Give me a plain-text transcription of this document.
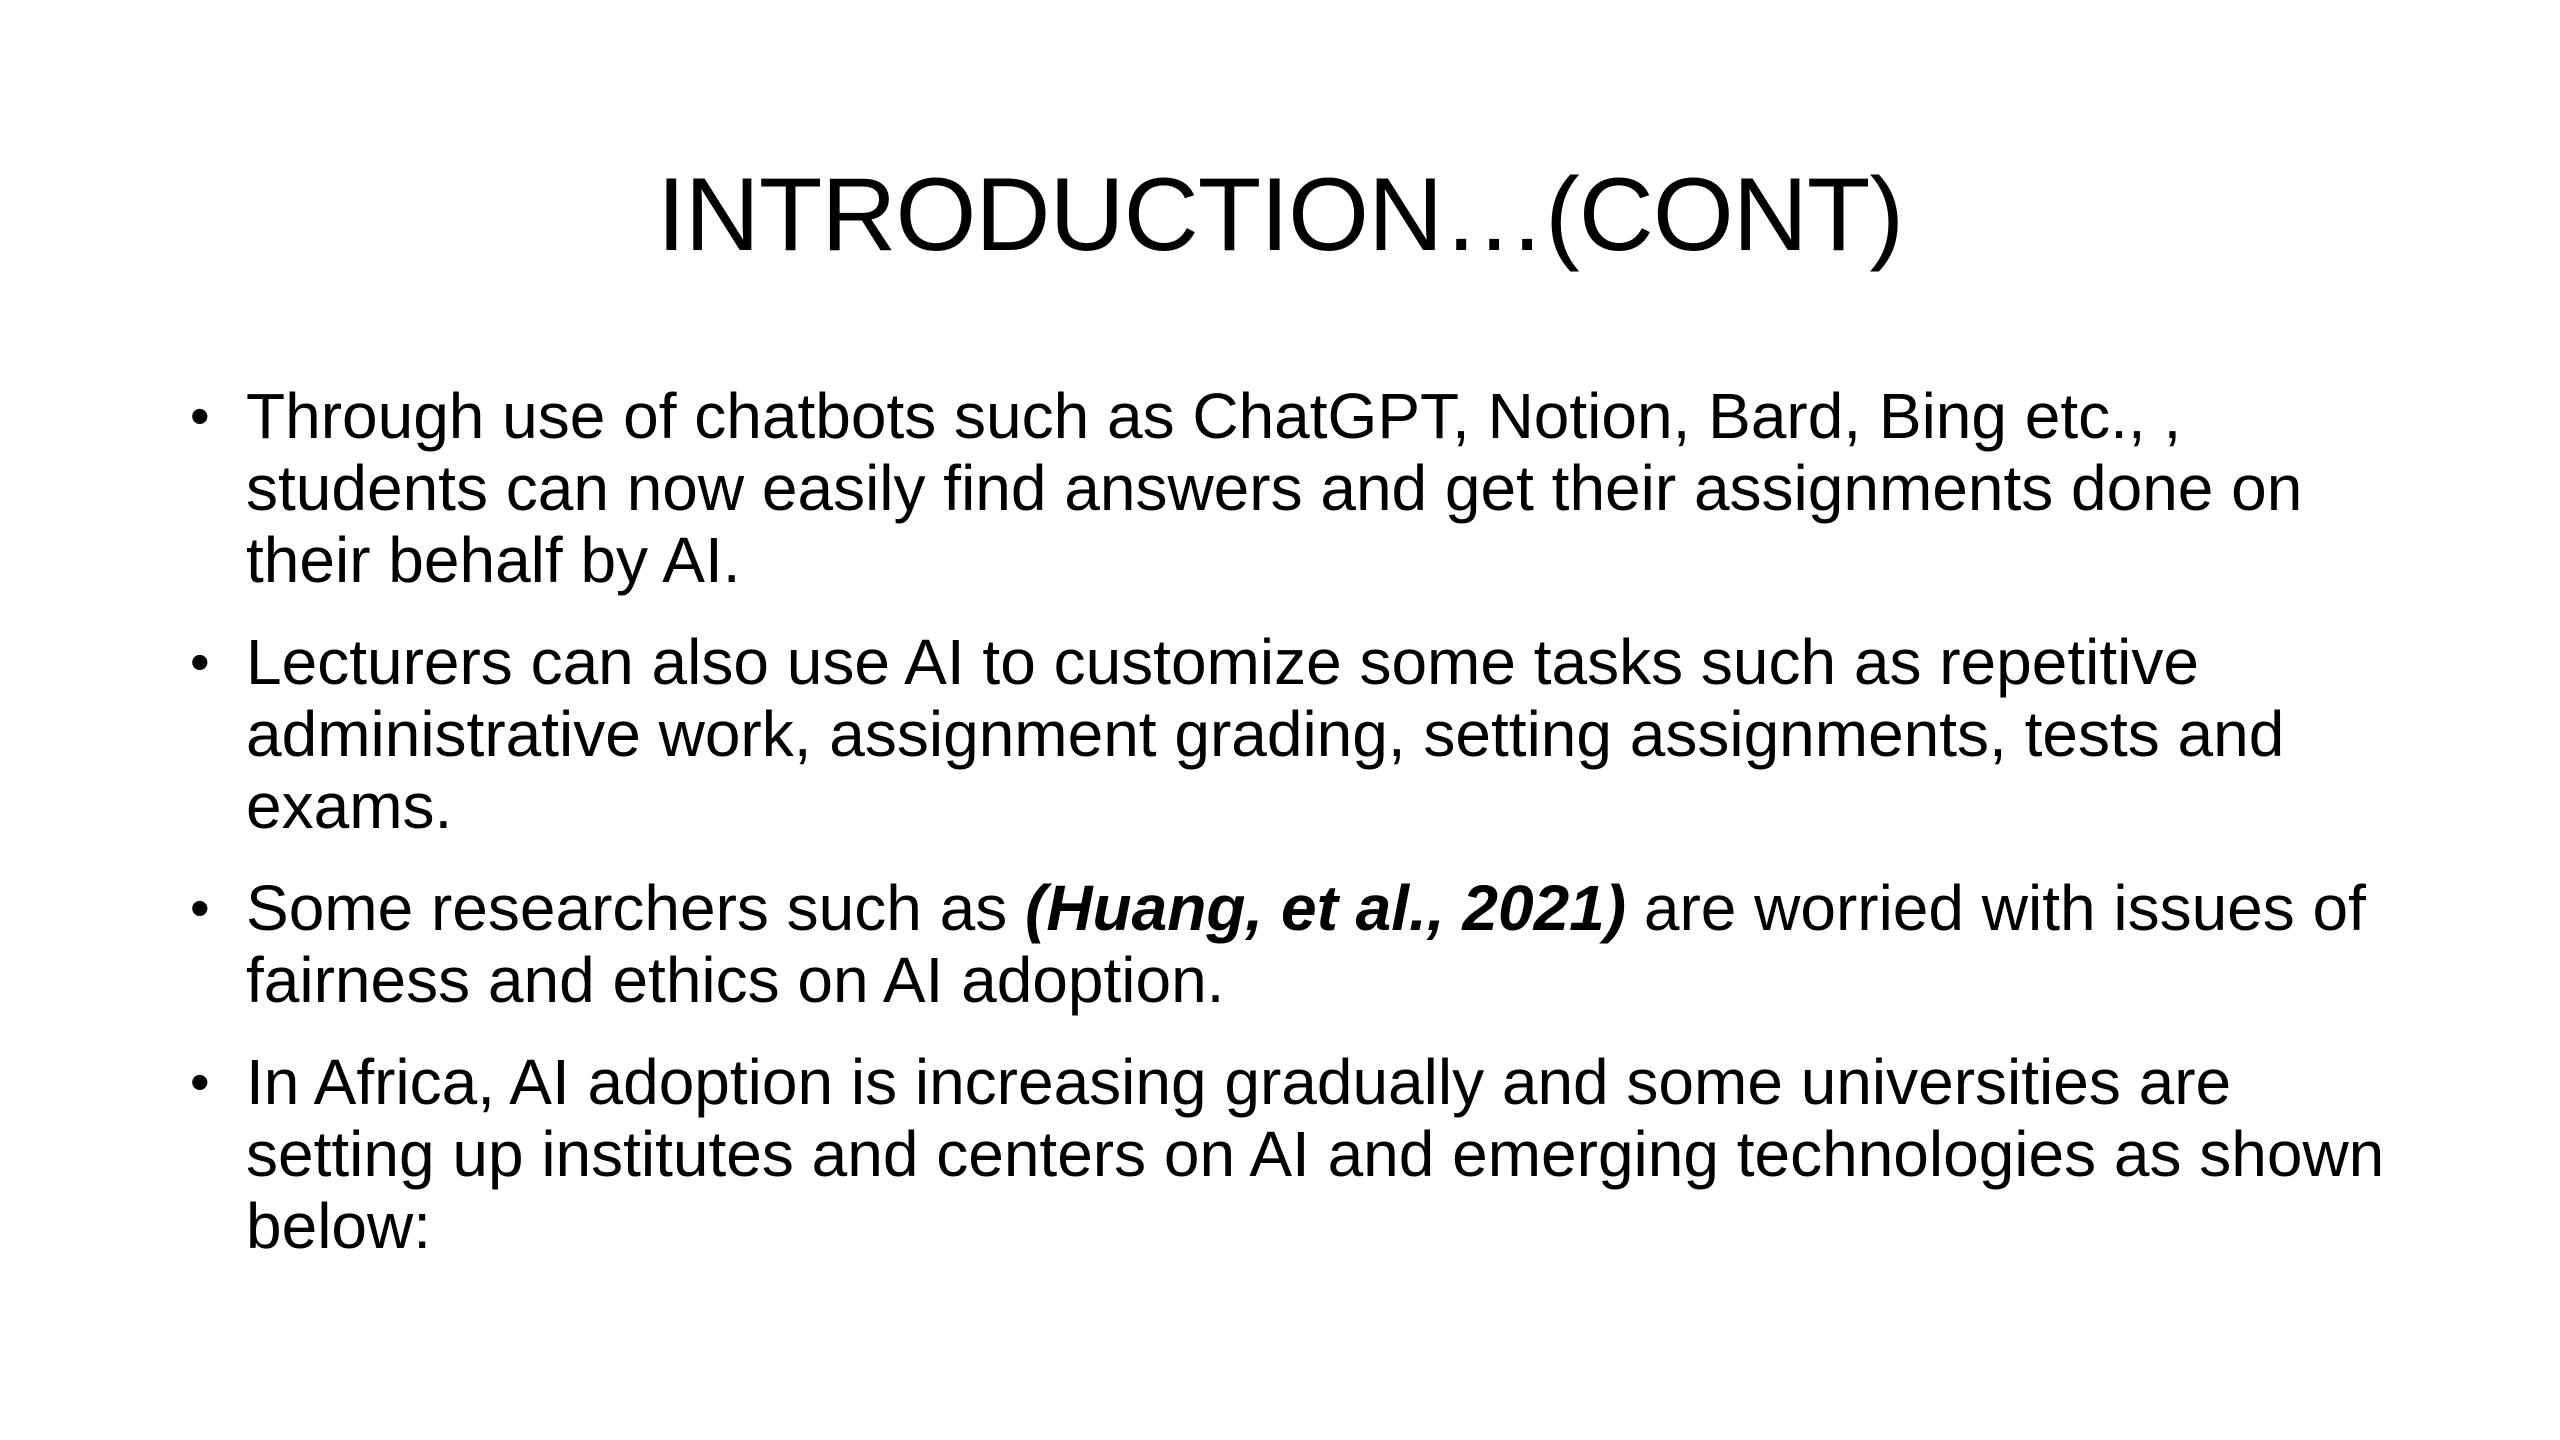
INTRODUCTION…(CONT)
• Through use of chatbots such as ChatGPT, Notion, Bard, Bing etc., , students can now easily find answers and get their assignments done on their behalf by AI.
• Lecturers can also use AI to customize some tasks such as repetitive administrative work, assignment grading, setting assignments, tests and exams.
• Some researchers such as (Huang, et al., 2021) are worried with issues of fairness and ethics on AI adoption.
• In Africa, AI adoption is increasing gradually and some universities are setting up institutes and centers on AI and emerging technologies as shown below:
